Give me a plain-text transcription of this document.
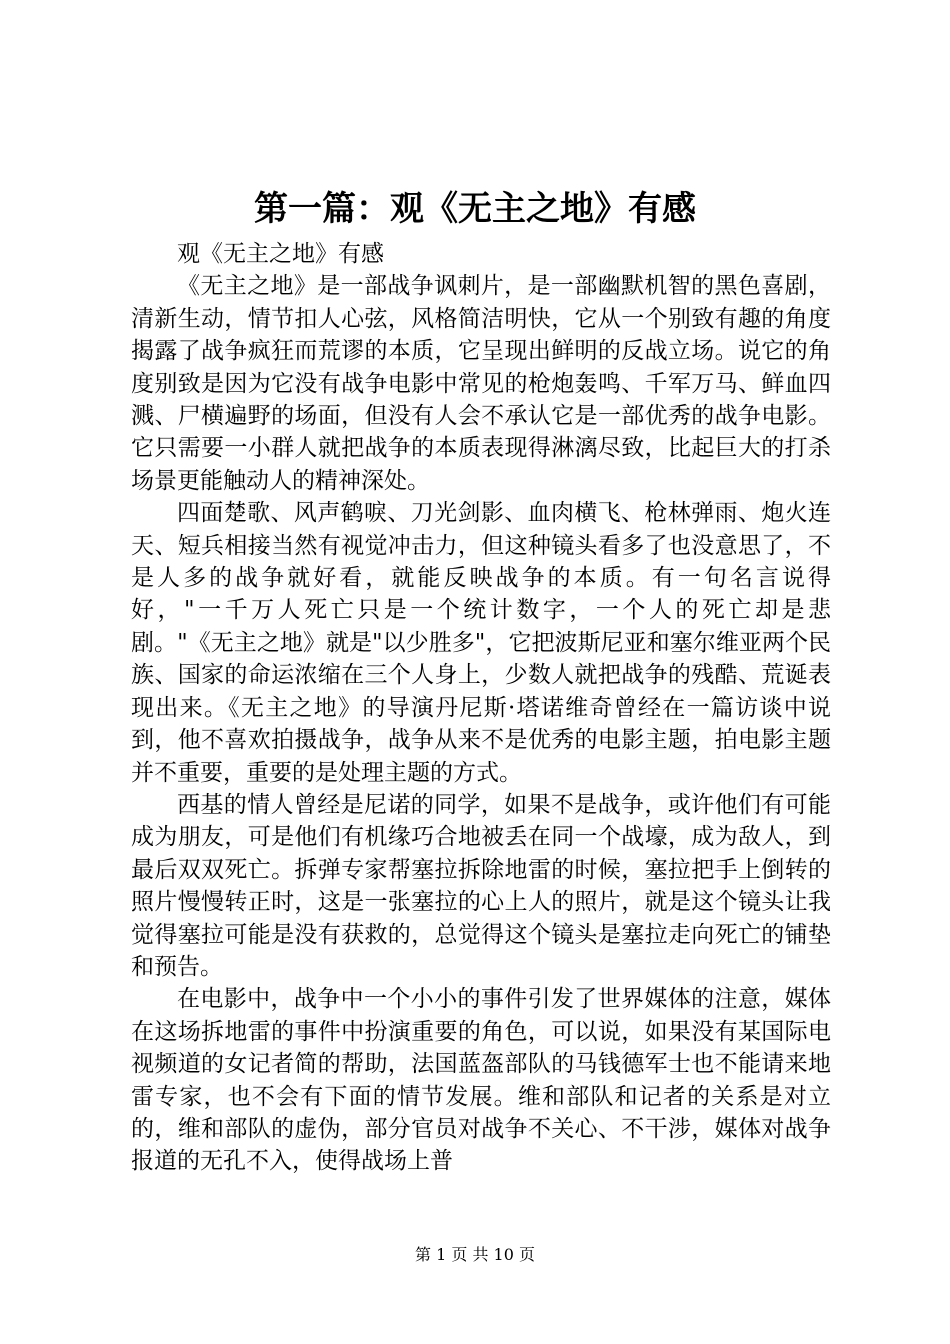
第一篇：观《无主之地》有感

观《无主之地》有感

《无主之地》是一部战争讽刺片，是一部幽默机智的黑色喜剧，清新生动，情节扣人心弦，风格简洁明快，它从一个别致有趣的角度揭露了战争疯狂而荒谬的本质，它呈现出鲜明的反战立场。说它的角度别致是因为它没有战争电影中常见的枪炮轰鸣、千军万马、鲜血四溅、尸横遍野的场面，但没有人会不承认它是一部优秀的战争电影。它只需要一小群人就把战争的本质表现得淋漓尽致，比起巨大的打杀场景更能触动人的精神深处。

四面楚歌、风声鹤唳、刀光剑影、血肉横飞、枪林弹雨、炮火连天、短兵相接当然有视觉冲击力，但这种镜头看多了也没意思了，不是人多的战争就好看，就能反映战争的本质。有一句名言说得好，"一千万人死亡只是一个统计数字，一个人的死亡却是悲剧。"《无主之地》就是"以少胜多"，它把波斯尼亚和塞尔维亚两个民族、国家的命运浓缩在三个人身上，少数人就把战争的残酷、荒诞表现出来。《无主之地》的导演丹尼斯·塔诺维奇曾经在一篇访谈中说到，他不喜欢拍摄战争，战争从来不是优秀的电影主题，拍电影主题并不重要，重要的是处理主题的方式。

西基的情人曾经是尼诺的同学，如果不是战争，或许他们有可能成为朋友，可是他们有机缘巧合地被丢在同一个战壕，成为敌人，到最后双双死亡。拆弹专家帮塞拉拆除地雷的时候，塞拉把手上倒转的照片慢慢转正时，这是一张塞拉的心上人的照片，就是这个镜头让我觉得塞拉可能是没有获救的，总觉得这个镜头是塞拉走向死亡的铺垫和预告。

在电影中，战争中一个小小的事件引发了世界媒体的注意，媒体在这场拆地雷的事件中扮演重要的角色，可以说，如果没有某国际电视频道的女记者简的帮助，法国蓝盔部队的马钱德军士也不能请来地雷专家，也不会有下面的情节发展。维和部队和记者的关系是对立的，维和部队的虚伪，部分官员对战争不关心、不干涉，媒体对战争报道的无孔不入，使得战场上普

第 1 页 共 10 页
